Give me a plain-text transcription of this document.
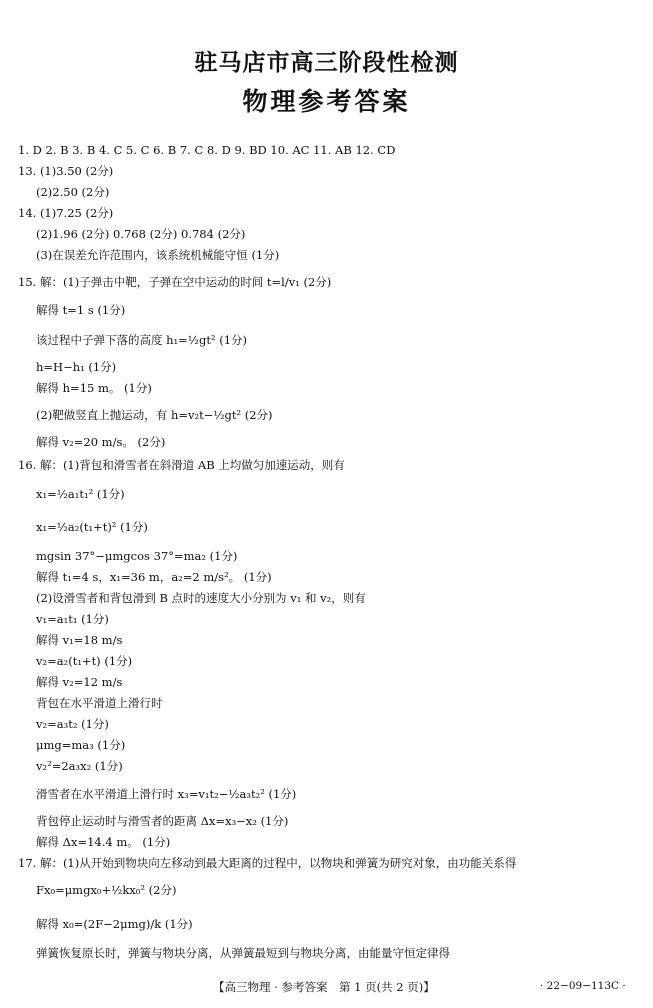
驻马店市高三阶段性检测
物理参考答案
1. D 2. B 3. B 4. C 5. C 6. B 7. C 8. D 9. BD 10. AC 11. AB 12. CD
13. (1)3.50 (2分)
(2)2.50 (2分)
14. (1)7.25 (2分)
(2)1.96 (2分) 0.768 (2分) 0.784 (2分)
(3)在误差允许范围内，该系统机械能守恒 (1分)
15. 解：(1)子弹击中靶，子弹在空中运动的时间 t=l/v₁ (2分)
解得 t=1 s (1分)
该过程中子弹下落的高度 h₁=½gt² (1分)
h=H−h₁ (1分)
解得 h=15 m。 (1分)
(2)靶做竖直上抛运动，有 h=v₂t−½gt² (2分)
解得 v₂=20 m/s。 (2分)
16. 解：(1)背包和滑雪者在斜滑道 AB 上均做匀加速运动，则有
x₁=½a₁t₁² (1分)
x₁=½a₂(t₁+t)² (1分)
mgsin 37°−μmgcos 37°=ma₂ (1分)
解得 t₁=4 s，x₁=36 m，a₂=2 m/s²。 (1分)
(2)设滑雪者和背包滑到 B 点时的速度大小分别为 v₁ 和 v₂，则有
v₁=a₁t₁ (1分)
解得 v₁=18 m/s
v₂=a₂(t₁+t) (1分)
解得 v₂=12 m/s
背包在水平滑道上滑行时
v₂=a₃t₂ (1分)
μmg=ma₃ (1分)
v₂²=2a₃x₂ (1分)
滑雪者在水平滑道上滑行时 x₃=v₁t₂−½a₃t₂² (1分)
背包停止运动时与滑雪者的距离 Δx=x₃−x₂ (1分)
解得 Δx=14.4 m。 (1分)
17. 解：(1)从开始到物块向左移动到最大距离的过程中，以物块和弹簧为研究对象，由功能关系得
Fx₀=μmgx₀+½kx₀² (2分)
解得 x₀=(2F−2μmg)/k (1分)
弹簧恢复原长时，弹簧与物块分离，从弹簧最短到与物块分离，由能量守恒定律得
【高三物理 · 参考答案　第 1 页(共 2 页)】	· 22−09−113C ·
